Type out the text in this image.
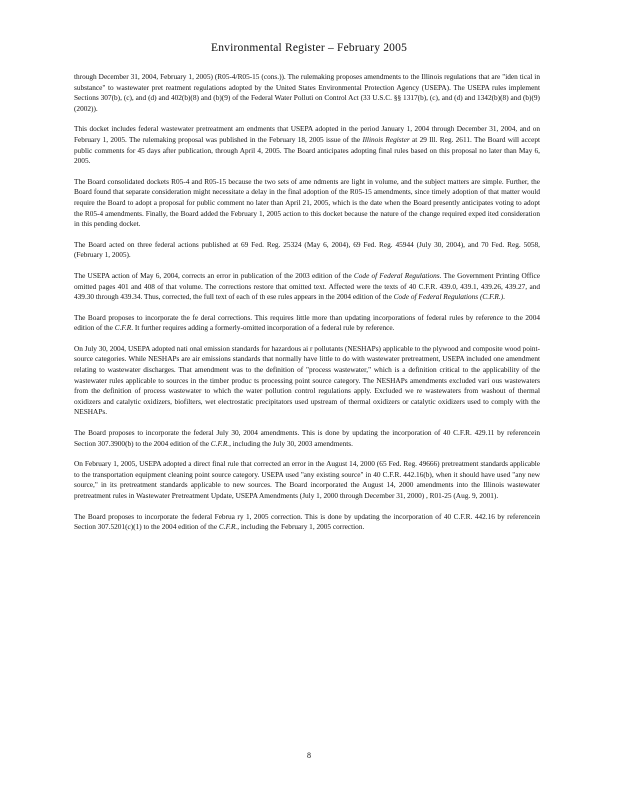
Environmental Register – February 2005

through December 31, 2004, February 1, 2005) (R05-4/R05-15 (cons.)). The rulemaking proposes amendments to the Illinois regulations that are "iden tical in substance" to wastewater pret reatment regulations adopted by the United States Environmental Protection Agency (USEPA). The USEPA rules implement Sections 307(b), (c), and (d) and 402(b)(8) and (b)(9) of the Federal Water Polluti on Control Act (33 U.S.C. §§ 1317(b), (c), and (d) and 1342(b)(8) and (b)(9) (2002)).

This docket includes federal wastewater pretreatment am endments that USEPA adopted in the period January 1, 2004 through December 31, 2004, and on February 1, 2005. The rulemaking proposal was published in the February 18, 2005 issue of the Illinois Register at 29 Ill. Reg. 2611. The Board will accept public comments for 45 days after publication, through April 4, 2005. The Board anticipates adopting final rules based on this proposal no later than May 6, 2005.

The Board consolidated dockets R05-4 and R05-15 because the two sets of ame ndments are light in volume, and the subject matters are simple. Further, the Board found that separate consideration might necessitate a delay in the final adoption of the R05-15 amendments, since timely adoption of that matter would require the Board to adopt a proposal for public comment no later than April 21, 2005, which is the date when the Board presently anticipates voting to adopt the R05-4 amendments. Finally, the Board added the February 1, 2005 action to this docket because the nature of the change required exped ited consideration in this pending docket.

The Board acted on three federal actions published at 69 Fed. Reg. 25324 (May 6, 2004), 69 Fed. Reg. 45944 (July 30, 2004), and 70 Fed. Reg. 5058, (February 1, 2005).

The USEPA action of May 6, 2004, corrects an error in publication of the 2003 edition of the Code of Federal Regulations. The Government Printing Office omitted pages 401 and 408 of that volume. The corrections restore that omitted text. Affected were the texts of 40 C.F.R. 439.0, 439.1, 439.26, 439.27, and 439.30 through 439.34. Thus, corrected, the full text of each of th ese rules appears in the 2004 edition of the Code of Federal Regulations (C.F.R.).

The Board proposes to incorporate the fe deral corrections. This requires little more than updating incorporations of federal rules by reference to the 2004 edition of the C.F.R. It further requires adding a formerly-omitted incorporation of a federal rule by reference.

On July 30, 2004, USEPA adopted nati onal emission standards for hazardous ai r pollutants (NESHAPs) applicable to the plywood and composite wood point-source categories. While NESHAPs are air emissions standards that normally have little to do with wastewater pretreatment, USEPA included one amendment relating to wastewater discharges. That amendment was to the definition of "process wastewater," which is a definition critical to the applicability of the wastewater rules applicable to sources in the timber produc ts processing point source category. The NESHAPs amendments excluded vari ous wastewaters from the definition of process wastewater to which the water pollution control regulations apply. Excluded we re wastewaters from washout of thermal oxidizers and catalytic oxidizers, biofilters, wet electrostatic precipitators used upstream of thermal oxidizers or catalytic oxidizers used to comply with the NESHAPs.

The Board proposes to incorporate the federal July 30, 2004 amendments. This is done by updating the incorporation of 40 C.F.R. 429.11 by referencein Section 307.3900(b) to the 2004 edition of the C.F.R., including the July 30, 2003 amendments.

On February 1, 2005, USEPA adopted a direct final rule that corrected an error in the August 14, 2000 (65 Fed. Reg. 49666) pretreatment standards applicable to the transportation equipment cleaning point source category. USEPA used "any existing source" in 40 C.F.R. 442.16(b), when it should have used "any new source," in its pretreatment standards applicable to new sources. The Board incorporated the August 14, 2000 amendments into the Illinois wastewater pretreatment rules in Wastewater Pretreatment Update, USEPA Amendments (July 1, 2000 through December 31, 2000) , R01-25 (Aug. 9, 2001).

The Board proposes to incorporate the federal Februa ry 1, 2005 correction. This is done by updating the incorporation of 40 C.F.R. 442.16 by referencein Section 307.5201(c)(1) to the 2004 edition of the C.F.R., including the February 1, 2005 correction.

8
